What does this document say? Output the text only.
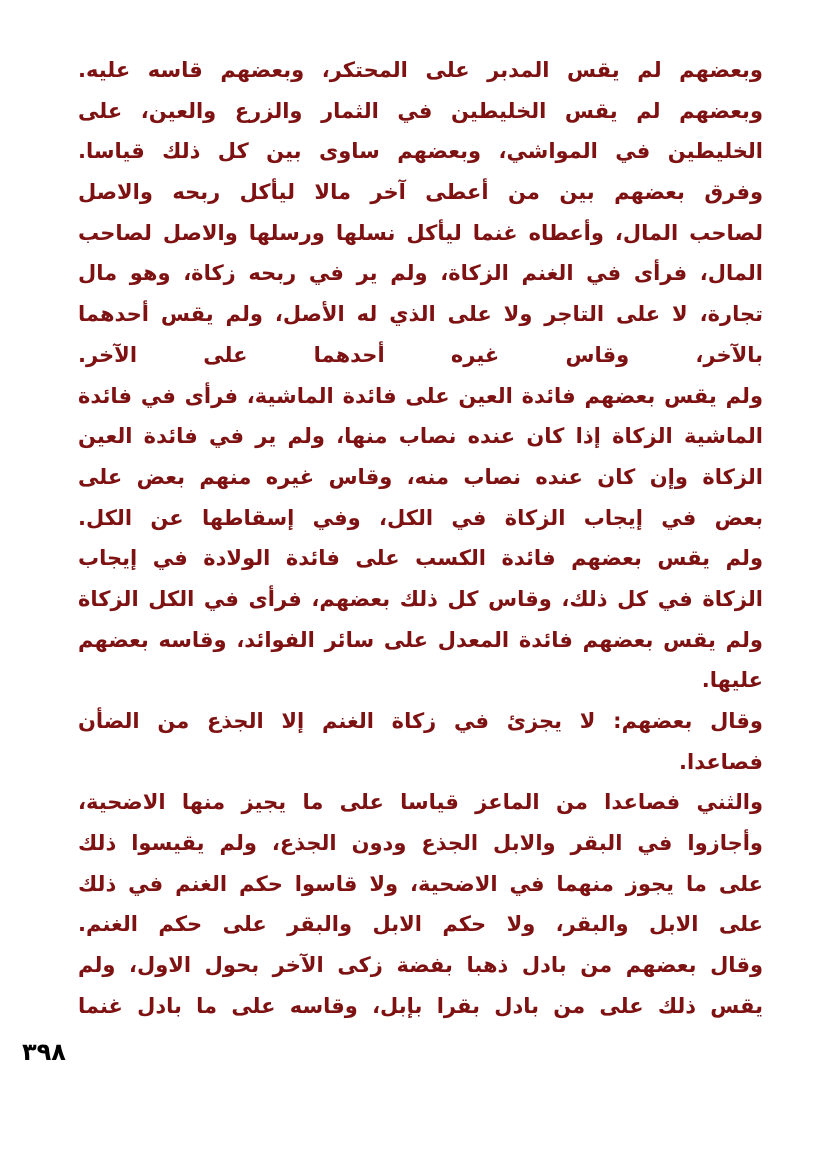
وبعضهم لم يقس المدبر على المحتكر، وبعضهم قاسه عليه.
وبعضهم لم يقس الخليطين في الثمار والزرع والعين، على
الخليطين في المواشي، وبعضهم ساوى بين كل ذلك قياسا.
وفرق بعضهم بين من أعطى آخر مالا ليأكل ربحه والاصل
لصاحب المال، وأعطاه غنما ليأكل نسلها ورسلها والاصل لصاحب
المال، فرأى في الغنم الزكاة، ولم ير في ربحه زكاة، وهو مال
تجارة، لا على التاجر ولا على الذي له الأصل، ولم يقس أحدهما
بالآخر، وقاس غيره أحدهما على الآخر.
ولم يقس بعضهم فائدة العين على فائدة الماشية، فرأى في فائدة
الماشية الزكاة إذا كان عنده نصاب منها، ولم ير في فائدة العين
الزكاة وإن كان عنده نصاب منه، وقاس غيره منهم بعض على
بعض في إيجاب الزكاة في الكل، وفي إسقاطها عن الكل.
ولم يقس بعضهم فائدة الكسب على فائدة الولادة في إيجاب
الزكاة في كل ذلك، وقاس كل ذلك بعضهم، فرأى في الكل الزكاة
ولم يقس بعضهم فائدة المعدل على سائر الفوائد، وقاسه بعضهم
عليها.
وقال بعضهم: لا يجزئ في زكاة الغنم إلا الجذع من الضأن
فصاعدا.
والثني فصاعدا من الماعز قياسا على ما يجيز منها الاضحية،
وأجازوا في البقر والابل الجذع ودون الجذع، ولم يقيسوا ذلك
على ما يجوز منهما في الاضحية، ولا قاسوا حكم الغنم في ذلك
على الابل والبقر، ولا حكم الابل والبقر على حكم الغنم.
وقال بعضهم من بادل ذهبا بفضة زكى الآخر بحول الاول، ولم
يقس ذلك على من بادل بقرا بإبل، وقاسه على ما بادل غنما
٣٩٨
